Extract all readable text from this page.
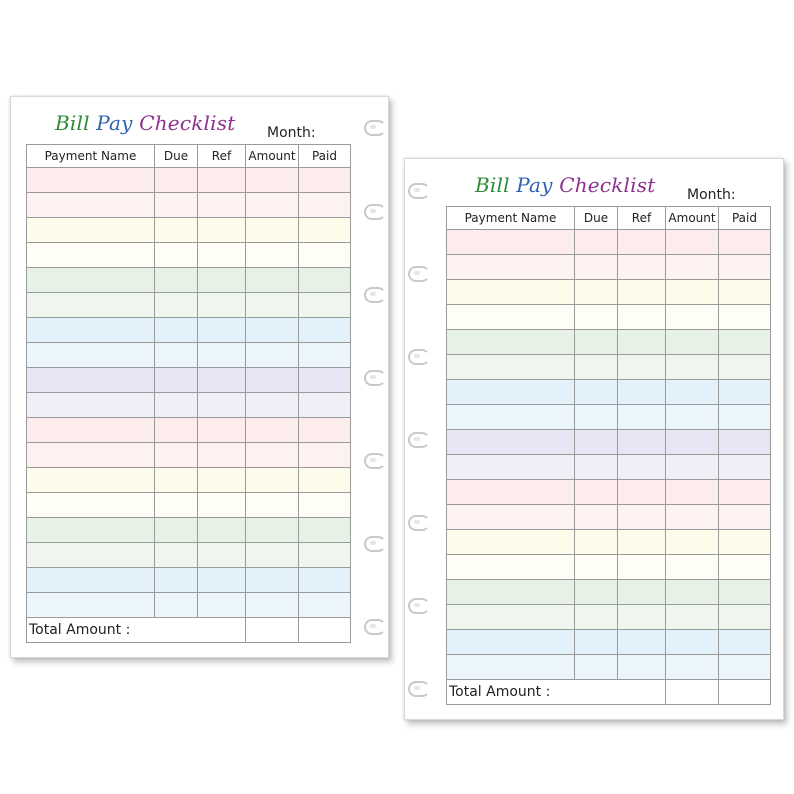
Bill Pay Checklist Month:
Payment Name	Due	Ref	Amount	Paid

Total Amount :				
Bill Pay Checklist Month:
Payment Name	Due	Ref	Amount	Paid

Total Amount :				
